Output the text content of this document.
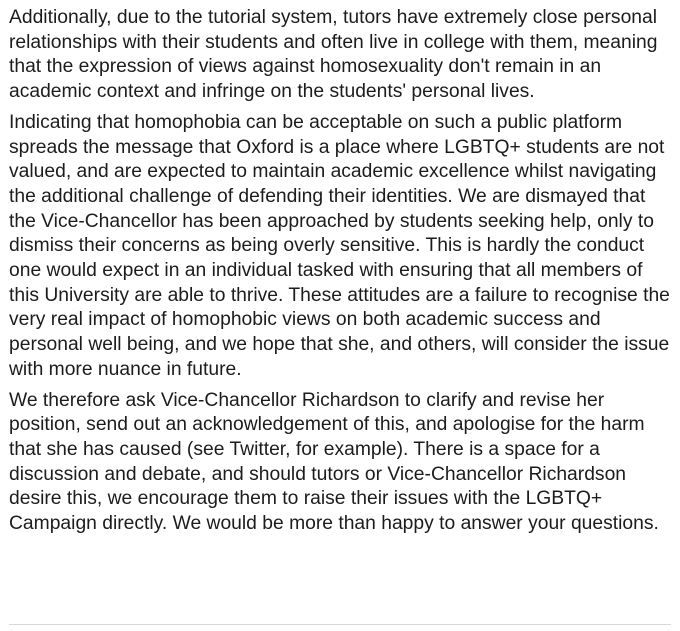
Additionally, due to the tutorial system, tutors have extremely close personal relationships with their students and often live in college with them, meaning that the expression of views against homosexuality don't remain in an academic context and infringe on the students' personal lives.

Indicating that homophobia can be acceptable on such a public platform spreads the message that Oxford is a place where LGBTQ+ students are not valued, and are expected to maintain academic excellence whilst navigating the additional challenge of defending their identities. We are dismayed that the Vice-Chancellor has been approached by students seeking help, only to dismiss their concerns as being overly sensitive. This is hardly the conduct one would expect in an individual tasked with ensuring that all members of this University are able to thrive. These attitudes are a failure to recognise the very real impact of homophobic views on both academic success and personal well being, and we hope that she, and others, will consider the issue with more nuance in future.

We therefore ask Vice-Chancellor Richardson to clarify and revise her position, send out an acknowledgement of this, and apologise for the harm that she has caused (see Twitter, for example). There is a space for a discussion and debate, and should tutors or Vice-Chancellor Richardson desire this, we encourage them to raise their issues with the LGBTQ+ Campaign directly. We would be more than happy to answer your questions.
